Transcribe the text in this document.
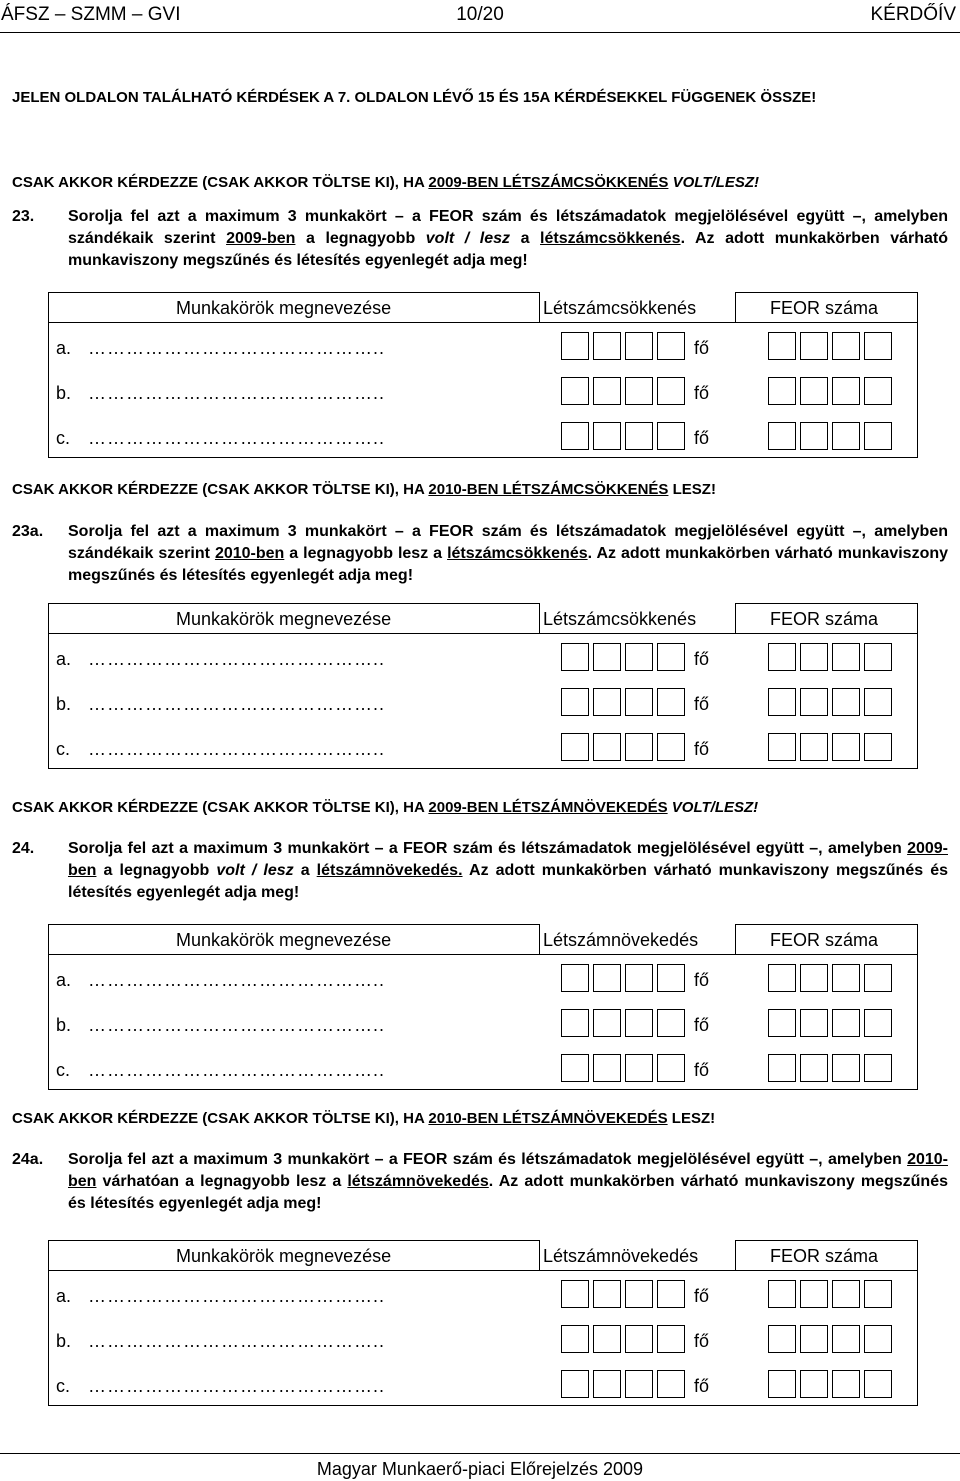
ÁFSZ – SZMM – GVI	10/20	KÉRDŐÍV
JELEN OLDALON TALÁLHATÓ KÉRDÉSEK A 7. OLDALON LÉVŐ 15 ÉS 15A KÉRDÉSEKKEL FÜGGENEK ÖSSZE!
CSAK AKKOR KÉRDEZZE (CSAK AKKOR TÖLTSE KI), HA 2009-BEN LÉTSZÁMCSÖKKENÉS VOLT/LESZ!
23. Sorolja fel azt a maximum 3 munkakört – a FEOR szám és létszámadatok megjelölésével együtt –, amelyben szándékaik szerint 2009-ben a legnagyobb volt / lesz a létszámcsökkenés. Az adott munkakörben várható munkaviszony megszűnés és létesítés egyenlegét adja meg!
Munkakörök megnevezése	Létszámcsökkenés	FEOR száma
a. ………………………………………..	fő
b. ………………………………………..	fő
c. ………………………………………..	fő
CSAK AKKOR KÉRDEZZE (CSAK AKKOR TÖLTSE KI), HA 2010-BEN LÉTSZÁMCSÖKKENÉS LESZ!
23a. Sorolja fel azt a maximum 3 munkakört – a FEOR szám és létszámadatok megjelölésével együtt –, amelyben szándékaik szerint 2010-ben a legnagyobb lesz a létszámcsökkenés. Az adott munkakörben várható munkaviszony megszűnés és létesítés egyenlegét adja meg!
Munkakörök megnevezése	Létszámcsökkenés	FEOR száma
a. ………………………………………..	fő
b. ………………………………………..	fő
c. ………………………………………..	fő
CSAK AKKOR KÉRDEZZE (CSAK AKKOR TÖLTSE KI), HA 2009-BEN LÉTSZÁMNÖVEKEDÉS VOLT/LESZ!
24. Sorolja fel azt a maximum 3 munkakört – a FEOR szám és létszámadatok megjelölésével együtt –, amelyben 2009-ben a legnagyobb volt / lesz a létszámnövekedés. Az adott munkakörben várható munkaviszony megszűnés és létesítés egyenlegét adja meg!
Munkakörök megnevezése	Létszámnövekedés	FEOR száma
a. ………………………………………..	fő
b. ………………………………………..	fő
c. ………………………………………..	fő
CSAK AKKOR KÉRDEZZE (CSAK AKKOR TÖLTSE KI), HA 2010-BEN LÉTSZÁMNÖVEKEDÉS LESZ!
24a. Sorolja fel azt a maximum 3 munkakört – a FEOR szám és létszámadatok megjelölésével együtt –, amelyben 2010-ben várhatóan a legnagyobb lesz a létszámnövekedés. Az adott munkakörben várható munkaviszony megszűnés és létesítés egyenlegét adja meg!
Munkakörök megnevezése	Létszámnövekedés	FEOR száma
a. ………………………………………..	fő
b. ………………………………………..	fő
c. ………………………………………..	fő
Magyar Munkaerő-piaci Előrejelzés 2009
